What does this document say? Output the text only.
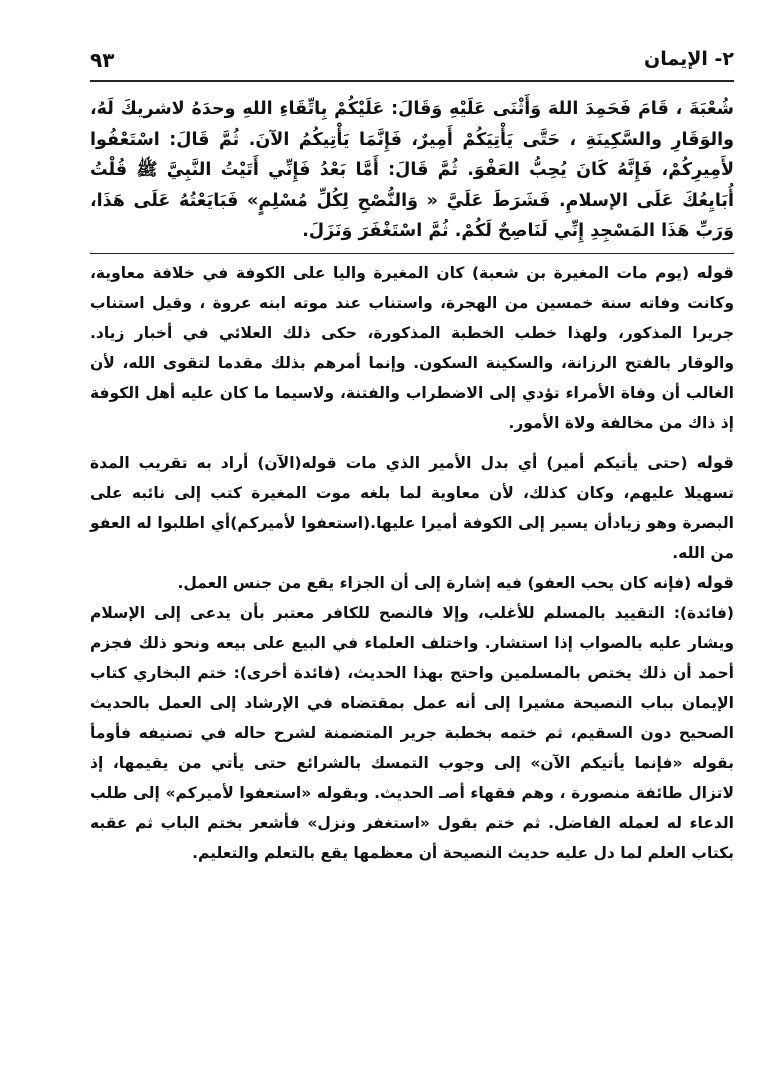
٢- الإيمان
٩٣
شُعْبَةَ ، قَامَ فَحَمِدَ اللهَ وَأَثْنَى عَلَيْهِ وَقَالَ: عَلَيْكُمْ بِاتِّقَاءِ اللهِ وحدَهُ لاشريكَ لَهُ، والوَقَارِ والسَّكِينَةِ ، حَتَّى يَأْتِيَكُمْ أَمِيرٌ، فَإِنَّمَا يَأْتِيكُمُ الآنَ. ثُمَّ قَالَ: اسْتَعْفُوا لأَمِيرِكُمْ، فَإِنَّهُ كَانَ يُحِبُّ العَفْوَ. ثُمَّ قَالَ: أَمَّا بَعْدُ فَإِنِّي أَتَيْتُ النَّبِيَّ ﷺ قُلْتُ أُبَايِعُكَ عَلَى الإسلامِ. فَشَرَطَ عَلَيَّ « وَالنُّصْحِ لِكُلِّ مُسْلِمٍ» فَبَايَعْتُهُ عَلَى هَذَا، وَرَبِّ هَذَا المَسْجِدِ إِنِّي لَنَاصِحٌ لَكُمْ. ثُمَّ اسْتَغْفَرَ وَنَزَلَ.

قوله (يوم مات المغيرة بن شعبة) كان المغيرة واليا على الكوفة في خلافة معاوية، وكانت وفاته سنة خمسين من الهجرة، واستناب عند موته ابنه عروة ، وقيل استناب جريرا المذكور، ولهذا خطب الخطبة المذكورة، حكى ذلك العلائي في أخبار زياد. والوقار بالفتح الرزانة، والسكينة السكون. وإنما أمرهم بذلك مقدما لتقوى الله، لأن الغالب أن وفاة الأمراء تؤدي إلى الاضطراب والفتنة، ولاسيما ما كان عليه أهل الكوفة إذ ذاك من مخالفة ولاة الأمور.

قوله (حتى يأتيكم أمير) أي بدل الأمير الذي مات قوله(الآن) أراد به تقريب المدة تسهيلا عليهم، وكان كذلك، لأن معاوية لما بلغه موت المغيرة كتب إلى نائبه على البصرة وهو زيادأن يسير إلى الكوفة أميرا عليها.(استعفوا لأميركم)أي اطلبوا له العفو من الله.

قوله (فإنه كان يحب العفو) فيه إشارة إلى أن الجزاء يقع من جنس العمل.

(فائدة): التقييد بالمسلم للأغلب، وإلا فالنصح للكافر معتبر بأن يدعى إلى الإسلام ويشار عليه بالصواب إذا استشار. واختلف العلماء في البيع على بيعه ونحو ذلك فجزم أحمد أن ذلك يختص بالمسلمين واحتج بهذا الحديث، (فائدة أخرى): ختم البخاري كتاب الإيمان بباب النصيحة مشيرا إلى أنه عمل بمقتضاه في الإرشاد إلى العمل بالحديث الصحيح دون السقيم، ثم ختمه بخطبة جرير المتضمنة لشرح حاله في تصنيفه فأومأ بقوله «فإنما يأتيكم الآن» إلى وجوب التمسك بالشرائع حتى يأتي من يقيمها، إذ لاتزال طائفة منصورة ، وهم فقهاء أصـ الحديث. وبقوله «استعفوا لأميركم» إلى طلب الدعاء له لعمله الفاضل. ثم ختم بقول «استغفر ونزل» فأشعر بختم الباب ثم عقبه بكتاب العلم لما دل عليه حديث النصيحة أن معظمها يقع بالتعلم والتعليم.
